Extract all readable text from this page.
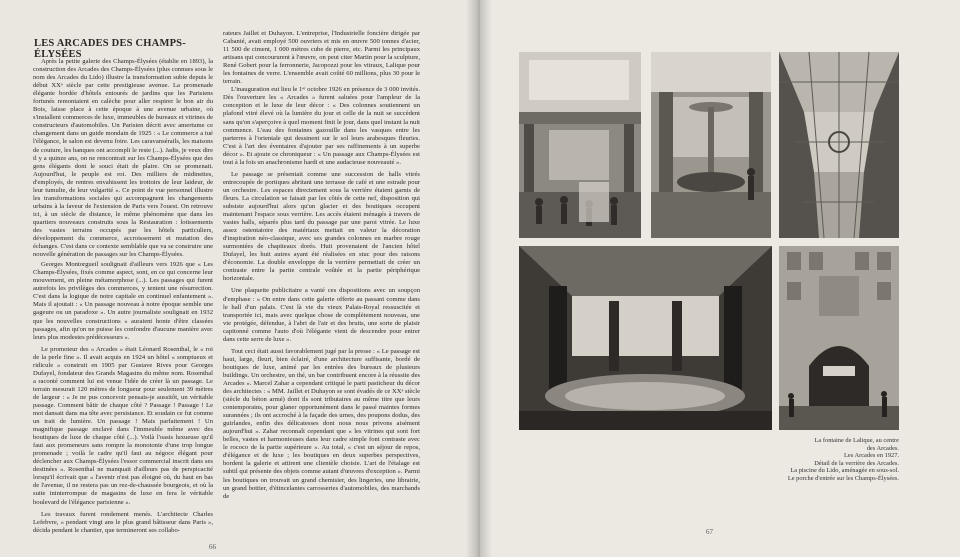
LES ARCADES DES CHAMPS-ÉLYSÉES

Après la petite galerie des Champs-Élysées (établie en 1893), la construction des Arcades des Champs-Élysées (plus connues sous le nom des Arcades du Lido) illustre la transformation subie depuis le début XXᵉ siècle par cette prestigieuse avenue. La promenade élégante bordée d'hôtels entourés de jardins que les Parisiens fortunés remontaient en calèche pour aller respirer le bon air du Bois, laisse place à cette époque à une avenue urbaine, où s'installent commerces de luxe, immeubles de bureaux et vitrines de constructeurs d'automobiles. Un Parisien décrit avec amertume ce changement dans un guide mondain de 1925 : « Le commerce a tué l'élégance, le salon est devenu foire. Les caravansérails, les maisons de couture, les banques ont accompli le reste (...). Jadis, je veux dire il y a quinze ans, on ne rencontrait sur les Champs-Élysées que des gens élégants dont le souci était de plaire. On se promenait. Aujourd'hui, le peuple est roi. Des milliers de midinettes, d'employés, de rentres envahissent les trottoirs de leur laideur, de leur tumulte, de leur vulgarité ». Ce point de vue personnel illustre les transformations sociales qui accompagnent les changements urbains à la faveur de l'extension de Paris vers l'ouest. On retrouve ici, à un siècle de distance, le même phénomène que dans les quartiers nouveaux construits sous la Restauration : lotissements des vastes terrains occupés par les hôtels particuliers, développement du commerce, accroissement et mutation des échanges. C'est dans ce contexte semblable que va se construire une nouvelle génération de passages sur les Champs-Élysées.

Georges Montorgueil soulignait d'ailleurs vers 1926 que « Les Champs-Élysées, fixés comme aspect, sont, en ce qui concerne leur mouvement, en pleine métamorphose (...). Les passages qui furent autrefois les privilèges des commerces, y tentent une résurrection. C'est dans la logique de notre capitale en continuel enfantement ». Mais il ajoutait : « Un passage nouveau à notre époque semble une gageure ou un paradoxe ». Un autre journaliste soulignait en 1932 que les nouvelles constructions « auraient honte d'être classées passages, afin qu'on ne puisse les confondre d'aucune manière avec leurs plus modestes prédécesseurs ».

Le promoteur des « Arcades » était Léonard Rosenthal, le « roi de la perle fine ». Il avait acquis en 1924 un hôtel « somptueux et ridicule » construit en 1905 par Gustave Rives pour Georges Dufayel, fondateur des Grands Magasins du même nom. Rosenthal a raconté comment lui est venue l'idée de créer là un passage. Le terrain mesurait 120 mètres de longueur pour seulement 39 mètres de largeur : « Je ne pus concevoir pensais-je aussitôt, un véritable passage. Comment bâtir de chaque côté ? Passage ! Passage ! Le mot dansait dans ma tête avec persistance. Et soudain ce fut comme un trait de lumière. Un passage ! Mais parfaitement ! Un magnifique passage enclavé dans l'immeuble même avec des boutiques de luxe de chaque côté (...). Voilà l'oasis luxueuse qu'il faut aux promeneurs sans rompre la monotonie d'une trop longue promenade ; voilà le cadre qu'il faut au négoce élégant pour déclencher aux Champs-Élysées l'essor commercial inscrit dans ses destinées ». Rosenthal ne manquait d'ailleurs pas de perspicacité lorsqu'il écrivait que « l'avenir n'est pas éloigné où, du haut en bas de l'avenue, il ne restera pas un rez-de-chaussée bourgeois, et où la suite ininterrompue de magasins de luxe en fera le véritable boulevard de l'élégance parisienne ».

Les travaux furent rondement menés. L'architecte Charles Lefebvre, « pendant vingt ans le plus grand bâtisseur dans Paris », décida pendant le chantier, que termineront ses collabo-

rateurs Jaillet et Duhayon. L'entreprise, l'Industrielle foncière dirigée par Cabanié, avait employé 500 ouvriers et mis en œuvre 500 tonnes d'acier, 11 500 de ciment, 1 000 mètres cube de pierre, etc. Parmi les principaux artisans qui concoururent à l'œuvre, on peut citer Martin pour la sculpture, René Gobert pour la ferronnerie, Jacopozzi pour les vitraux, Lalique pour les fontaines de verre. L'ensemble avait coûté 60 millions, plus 30 pour le terrain.

L'inauguration eut lieu le 1ᵉʳ octobre 1926 en présence de 3 000 invités. Dès l'ouverture les « Arcades » furent saluées pour l'ampleur de la conception et le luxe de leur décor : « Des colonnes soutiennent un plafond vitré élevé où la lumière du jour et celle de la nuit se succèdent sans qu'on s'aperçoive à quel moment finit le jour, dans quel instant la nuit commence. L'eau des fontaines gazouille dans les vasques entre les parterres à l'orientale qui dessinent sur le sol leurs arabesques fleuries. C'est à l'art des éventaires d'ajouter par ses raffinements à un superbe décor ». Et ajoute ce chroniqueur : « Un passage aux Champs-Élysées est tout à la fois un anachronisme hardi et une audacieuse nouveauté ».

Le passage se présentait comme une succession de halls vitrés entrecoupée de portiques abritant une terrasse de café et une estrade pour un orchestre. Les espaces directement sous la verrière étaient garnis de fleurs. La circulation se faisait par les côtés de cette nef, disposition qui subsiste aujourd'hui alors qu'un glacier et des boutiques occupent maintenant l'espace sous verrière. Les accès étaient ménagés à travers de vastes halls, séparés plus tard du passage par une paroi vitrée. Le luxe assez ostentatoire des matériaux mettait en valeur la décoration d'inspiration néo-classique, avec ses grandes colonnes en marbre rouge surmontées de chapiteaux dorés. Huit provenaient de l'ancien hôtel Dufayel, les huit autres ayant été réalisées en stuc pour des raisons d'économie. La double enveloppe de la verrière permettait de créer un contraste entre la partie centrale voûtée et la partie périphérique horizontale.

Une plaquette publicitaire a vanté ces dispositions avec un soupçon d'emphase : « On entre dans cette galerie offerte au passant comme dans le hall d'un palais. C'est là vie du vieux Palais-Royal ressuscitée et transportée ici, mais avec quelque chose de complètement nouveau, une vie protégée, défendue, à l'abri de l'air et des bruits, une sorte de plaisir capitonné comme l'auto d'où l'élégante vient de descendre pour entrer dans cette serre de luxe ».

Tout ceci était aussi favorablement jugé par la presse : « Le passage est haut, large, fleuri, bien éclairé, d'une architecture suffisante, bordé de boutiques de luxe, animé par les entrées des bureaux de plusieurs buildings. Un orchestre, un thé, un bar contribuent encore à la réussite des Arcades ». Marcel Zahar a cependant critiqué le parti pasticheur du décor des architectes : « MM. Jaillet et Duhayon se sont évadés de ce XXᵉ siècle (siècle du béton armé) dont ils sont tributaires au même titre que leurs contemporains, pour glaner opportunément dans le passé maintes formes surannées ; ils ont accroché à la façade des urnes, des poupons dodus, des guirlandes, enfin des délicatesses dont nous nous privons aisément aujourd'hui ». Zahar reconnaît cependant que « les vitrines qui sont fort belles, vastes et harmonieuses dans leur cadre simple font contraste avec le rococo de la partie supérieure ». Au total, « c'est un séjour de repos, d'élégance et de luxe ; les boutiques en deux superbes perspectives, bordent la galerie et attirent une clientèle choisie. L'art de l'étalage est subtil qui présente des objets comme autant d'œuvres d'exception ». Parmi les boutiques on trouvait un grand chemisier, des lingeries, une librairie, un grand bottier, d'étincelantes carrosseries d'automobiles, des marchands de

66
La fontaine de Lalique, au centre
des Arcades.
Les Arcades en 1927.
Détail de la verrière des Arcades.
La piscine du Lido, aménagée en sous-sol.
Le porche d'entrée sur les Champs-Élysées.
67
